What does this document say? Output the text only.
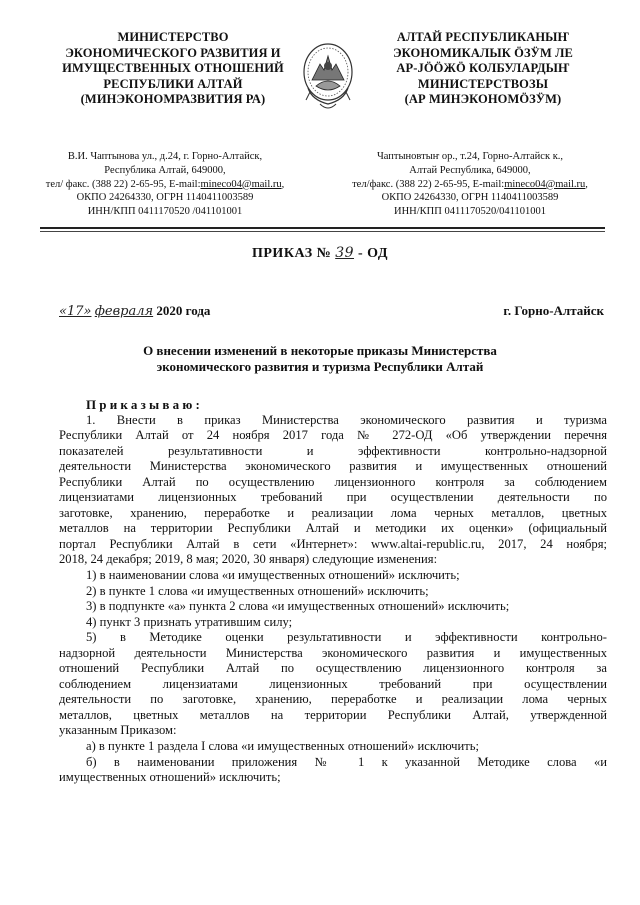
МИНИСТЕРСТВО
ЭКОНОМИЧЕСКОГО РАЗВИТИЯ И
ИМУЩЕСТВЕННЫХ ОТНОШЕНИЙ
РЕСПУБЛИКИ АЛТАЙ
(МИНЭКОНОМРАЗВИТИЯ РА)
АЛТАЙ РЕСПУБЛИКАНЫҤ
ЭКОНОМИКАЛЫК ӦЗӰМ ЛЕ
АР-ЈӦӦЖӦ КОЛБУЛАРДЫҤ
МИНИСТЕРСТВОЗЫ
(АР МИНЭКОНОМӦЗӰМ)
В.И. Чаптынова ул., д.24, г. Горно-Алтайск,
Республика Алтай, 649000,
тел/ факс. (388 22) 2-65-95, E-mail:mineco04@mail.ru,
ОКПО 24264330, ОГРН 1140411003589
ИНН/КПП 0411170520 /041101001
Чаптыновтыҥ ор., т.24, Горно-Алтайск к.,
Алтай Республика, 649000,
тел/факс. (388 22) 2-65-95, E-mail:mineco04@mail.ru,
ОКПО 24264330, ОГРН 1140411003589
ИНН/КПП 0411170520/041101001
ПРИКАЗ № 39 - ОД
«17» февраля 2020 года	г. Горно-Алтайск
О внесении изменений в некоторые приказы Министерства
экономического развития и туризма Республики Алтай
Приказываю:
1. Внести в приказ Министерства экономического развития и туризма
Республики Алтай от 24 ноября 2017 года № 272-ОД «Об утверждении перечня
показателей результативности и эффективности контрольно-надзорной
деятельности Министерства экономического развития и имущественных отношений
Республики Алтай по осуществлению лицензионного контроля за соблюдением
лицензиатами лицензионных требований при осуществлении деятельности по
заготовке, хранению, переработке и реализации лома черных металлов, цветных
металлов на территории Республики Алтай и методики их оценки» (официальный
портал Республики Алтай в сети «Интернет»: www.altai-republic.ru, 2017, 24 ноября;
2018, 24 декабря; 2019, 8 мая; 2020, 30 января) следующие изменения:
1) в наименовании слова «и имущественных отношений» исключить;
2) в пункте 1 слова «и имущественных отношений» исключить;
3) в подпункте «а» пункта 2 слова «и имущественных отношений» исключить;
4) пункт 3 признать утратившим силу;
5) в Методике оценки результативности и эффективности контрольно-
надзорной деятельности Министерства экономического развития и имущественных
отношений Республики Алтай по осуществлению лицензионного контроля за
соблюдением лицензиатами лицензионных требований при осуществлении
деятельности по заготовке, хранению, переработке и реализации лома черных
металлов, цветных металлов на территории Республики Алтай, утвержденной
указанным Приказом:
а) в пункте 1 раздела I слова «и имущественных отношений» исключить;
б) в наименовании приложения № 1 к указанной Методике слова «и
имущественных отношений» исключить;
